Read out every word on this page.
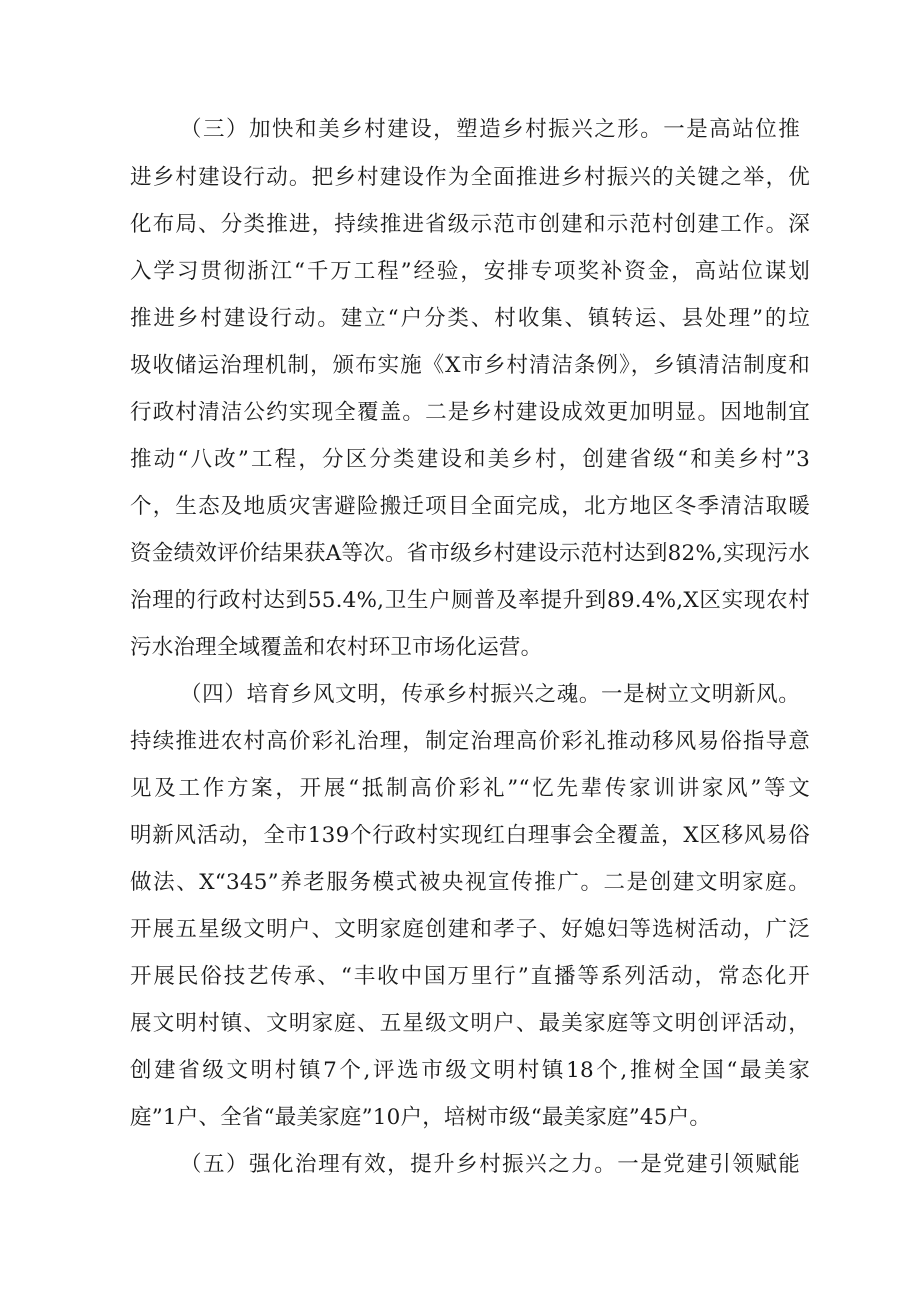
（三）加快和美乡村建设，塑造乡村振兴之形。一是高站位推
进乡村建设行动。把乡村建设作为全面推进乡村振兴的关键之举，优
化布局、分类推进，持续推进省级示范市创建和示范村创建工作。深
入学习贯彻浙江“千万工程”经验，安排专项奖补资金，高站位谋划
推进乡村建设行动。建立“户分类、村收集、镇转运、县处理”的垃
圾收储运治理机制，颁布实施《X市乡村清洁条例》，乡镇清洁制度和
行政村清洁公约实现全覆盖。二是乡村建设成效更加明显。因地制宜
推动“八改”工程，分区分类建设和美乡村，创建省级“和美乡村”3
个，生态及地质灾害避险搬迁项目全面完成，北方地区冬季清洁取暖
资金绩效评价结果获A等次。省市级乡村建设示范村达到82%,实现污水
治理的行政村达到55.4%,卫生户厕普及率提升到89.4%,X区实现农村
污水治理全域覆盖和农村环卫市场化运营。
（四）培育乡风文明，传承乡村振兴之魂。一是树立文明新风。
持续推进农村高价彩礼治理，制定治理高价彩礼推动移风易俗指导意
见及工作方案，开展“抵制高价彩礼”“忆先辈传家训讲家风”等文
明新风活动，全市139个行政村实现红白理事会全覆盖，X区移风易俗
做法、X“345”养老服务模式被央视宣传推广。二是创建文明家庭。
开展五星级文明户、文明家庭创建和孝子、好媳妇等选树活动，广泛
开展民俗技艺传承、“丰收中国万里行”直播等系列活动，常态化开
展文明村镇、文明家庭、五星级文明户、最美家庭等文明创评活动，
创建省级文明村镇7个,评选市级文明村镇18个,推树全国“最美家
庭”1户、全省“最美家庭”10户，培树市级“最美家庭”45户。
（五）强化治理有效，提升乡村振兴之力。一是党建引领赋能
